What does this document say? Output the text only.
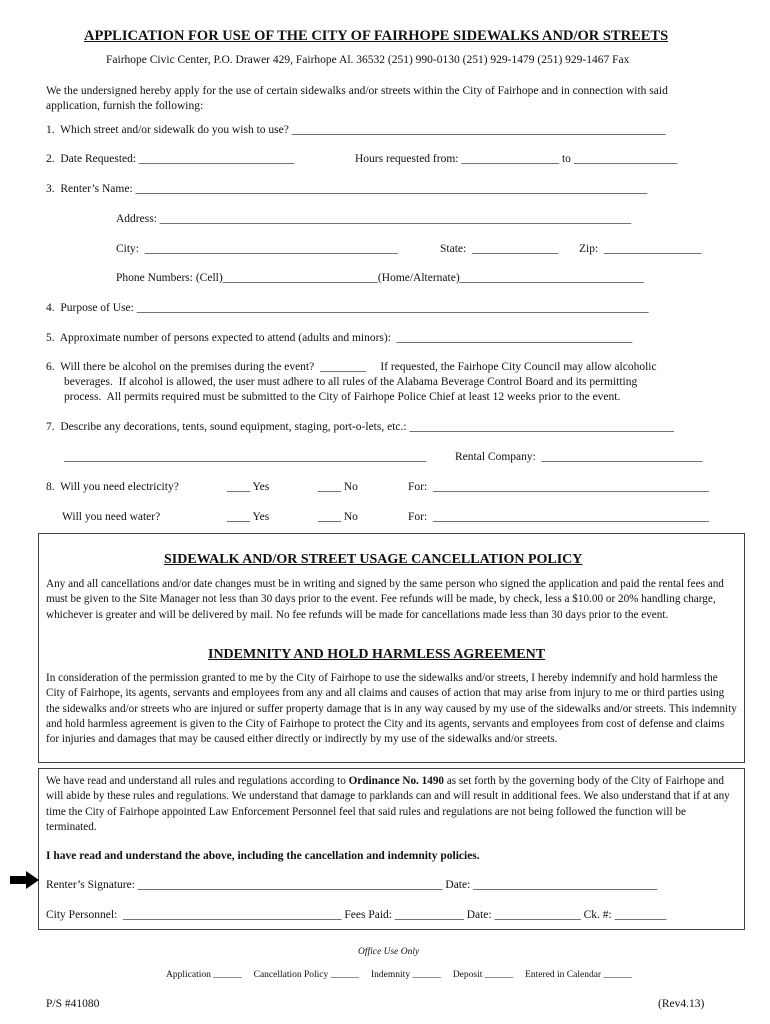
APPLICATION FOR USE OF THE CITY OF FAIRHOPE SIDEWALKS AND/OR STREETS
Fairhope Civic Center, P.O. Drawer 429, Fairhope Al. 36532 (251) 990-0130 (251) 929-1479 (251) 929-1467 Fax
We the undersigned hereby apply for the use of certain sidewalks and/or streets within the City of Fairhope and in connection with said
application, furnish the following:
1.  Which street and/or sidewalk do you wish to use? _________________________________________________________________
2.  Date Requested: ___________________________	Hours requested from: _________________ to __________________
3.  Renter’s Name: _________________________________________________________________________________________
Address: __________________________________________________________________________________
City:  ____________________________________________	State:  _______________ Zip:  _________________
Phone Numbers: (Cell)___________________________(Home/Alternate)________________________________
4.  Purpose of Use: _________________________________________________________________________________________
5.  Approximate number of persons expected to attend (adults and minors):  _________________________________________
6.  Will there be alcohol on the premises during the event?  ________     If requested, the Fairhope City Council may allow alcoholic
beverages.  If alcohol is allowed, the user must adhere to all rules of the Alabama Beverage Control Board and its permitting
process.  All permits required must be submitted to the City of Fairhope Police Chief at least 12 weeks prior to the event.
7.  Describe any decorations, tents, sound equipment, staging, port-o-lets, etc.: ______________________________________________
_______________________________________________________________	Rental Company:  ____________________________
8.  Will you need electricity?	____ Yes	____ No	For:  ________________________________________________
Will you need water?	____ Yes	____ No	For:  ________________________________________________
SIDEWALK AND/OR STREET USAGE CANCELLATION POLICY
Any and all cancellations and/or date changes must be in writing and signed by the same person who signed the application and paid the rental fees and must be given to the Site Manager not less than 30 days prior to the event. Fee refunds will be made, by check, less a $10.00 or 20% handling charge, whichever is greater and will be delivered by mail. No fee refunds will be made for cancellations made less than 30 days prior to the event.
INDEMNITY AND HOLD HARMLESS AGREEMENT
In consideration of the permission granted to me by the City of Fairhope to use the sidewalks and/or streets, I hereby indemnify and hold harmless the City of Fairhope, its agents, servants and employees from any and all claims and causes of action that may arise from injury to me or third parties using the sidewalks and/or streets who are injured or suffer property damage that is in any way caused by my use of the sidewalks and/or streets. This indemnity and hold harmless agreement is given to the City of Fairhope to protect the City and its agents, servants and employees from cost of defense and claims for injuries and damages that may be caused either directly or indirectly by my use of the sidewalks and/or streets.
We have read and understand all rules and regulations according to Ordinance No. 1490 as set forth by the governing body of the City of Fairhope and will abide by these rules and regulations. We understand that damage to parklands can and will result in additional fees. We also understand that if at any time the City of Fairhope appointed Law Enforcement Personnel feel that said rules and regulations are not being followed the function will be terminated.
I have read and understand the above, including the cancellation and indemnity policies.
Renter’s Signature: _____________________________________________________ Date: ________________________________
City Personnel:  ______________________________________ Fees Paid: ____________ Date: _______________ Ck. #: _________
Office Use Only
Application ______     Cancellation Policy ______     Indemnity ______     Deposit ______     Entered in Calendar ______
P/S #41080	(Rev4.13)
